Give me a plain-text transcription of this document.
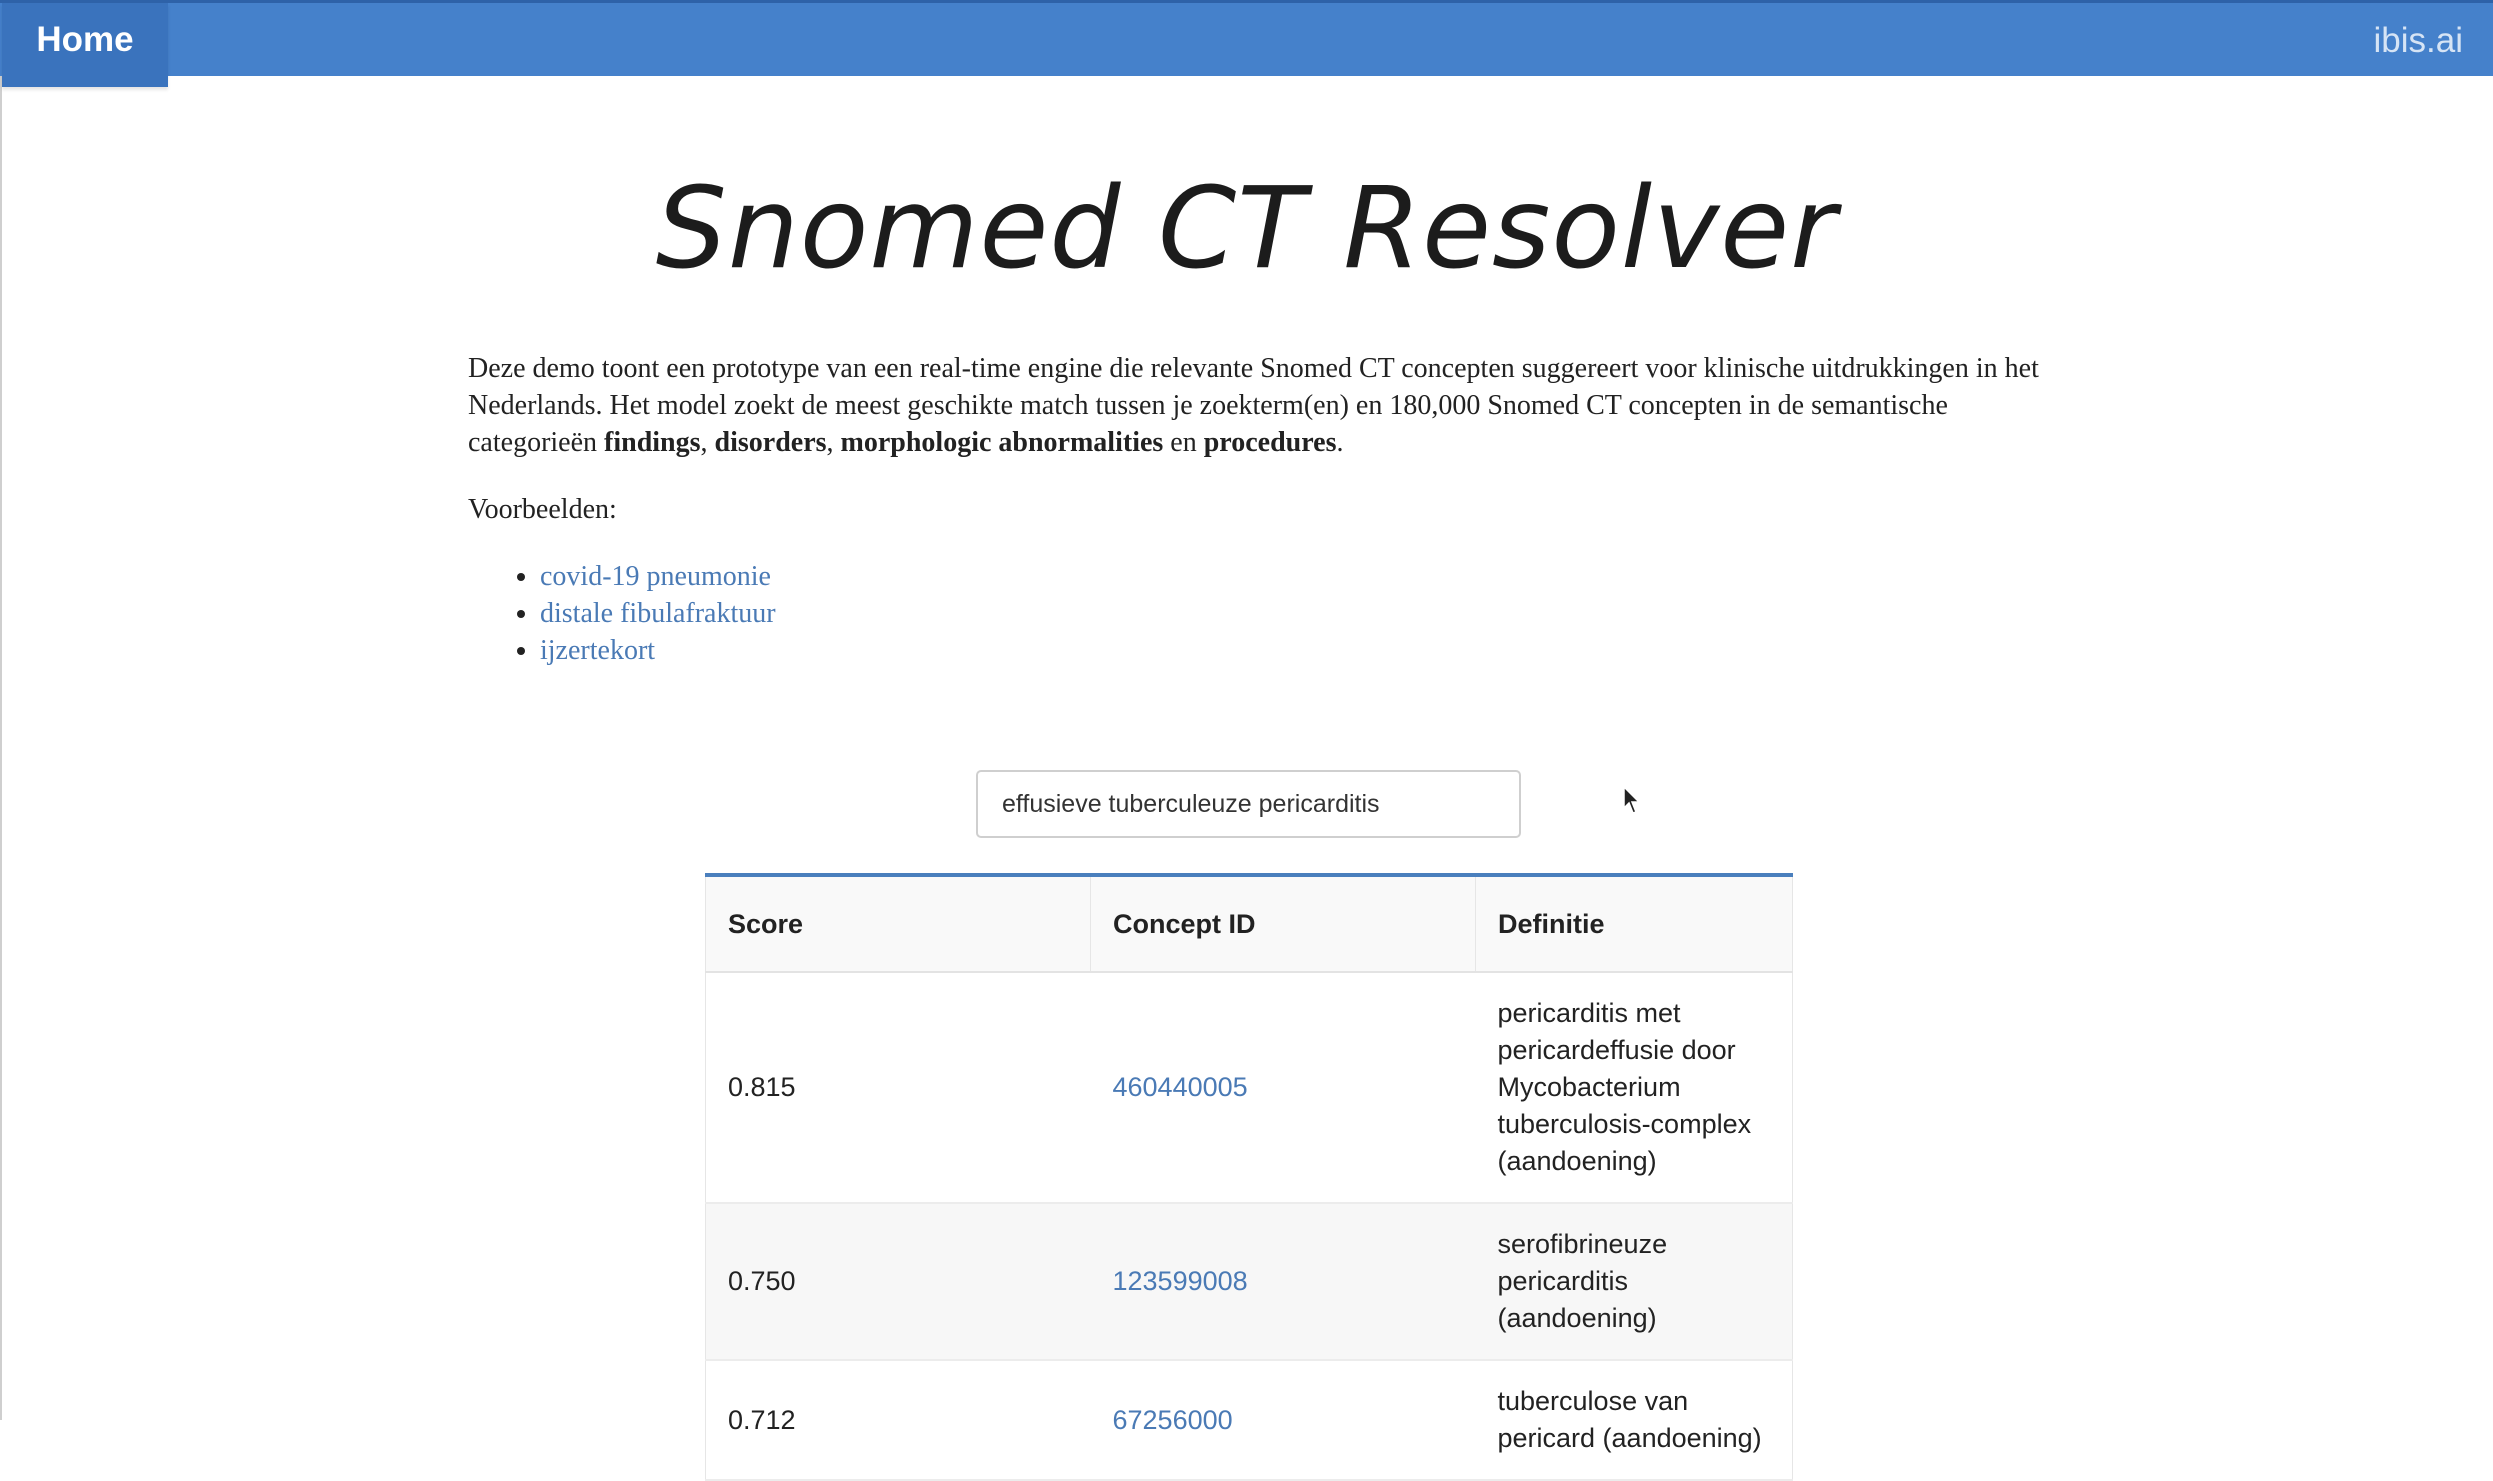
Home	ibis.ai
Snomed CT Resolver

Deze demo toont een prototype van een real-time engine die relevante Snomed CT concepten suggereert voor klinische uitdrukkingen in het Nederlands. Het model zoekt de meest geschikte match tussen je zoekterm(en) en 180,000 Snomed CT concepten in de semantische categorieën findings, disorders, morphologic abnormalities en procedures.

Voorbeelden:

• covid-19 pneumonie
• distale fibulafraktuur
• ijzertekort
effusieve tuberculeuze pericarditis
Score	Concept ID	Definitie
0.815	460440005	pericarditis met pericardeffusie door Mycobacterium tuberculosis-complex (aandoening)
0.750	123599008	serofibrineuze pericarditis (aandoening)
0.712	67256000	tuberculose van pericard (aandoening)
